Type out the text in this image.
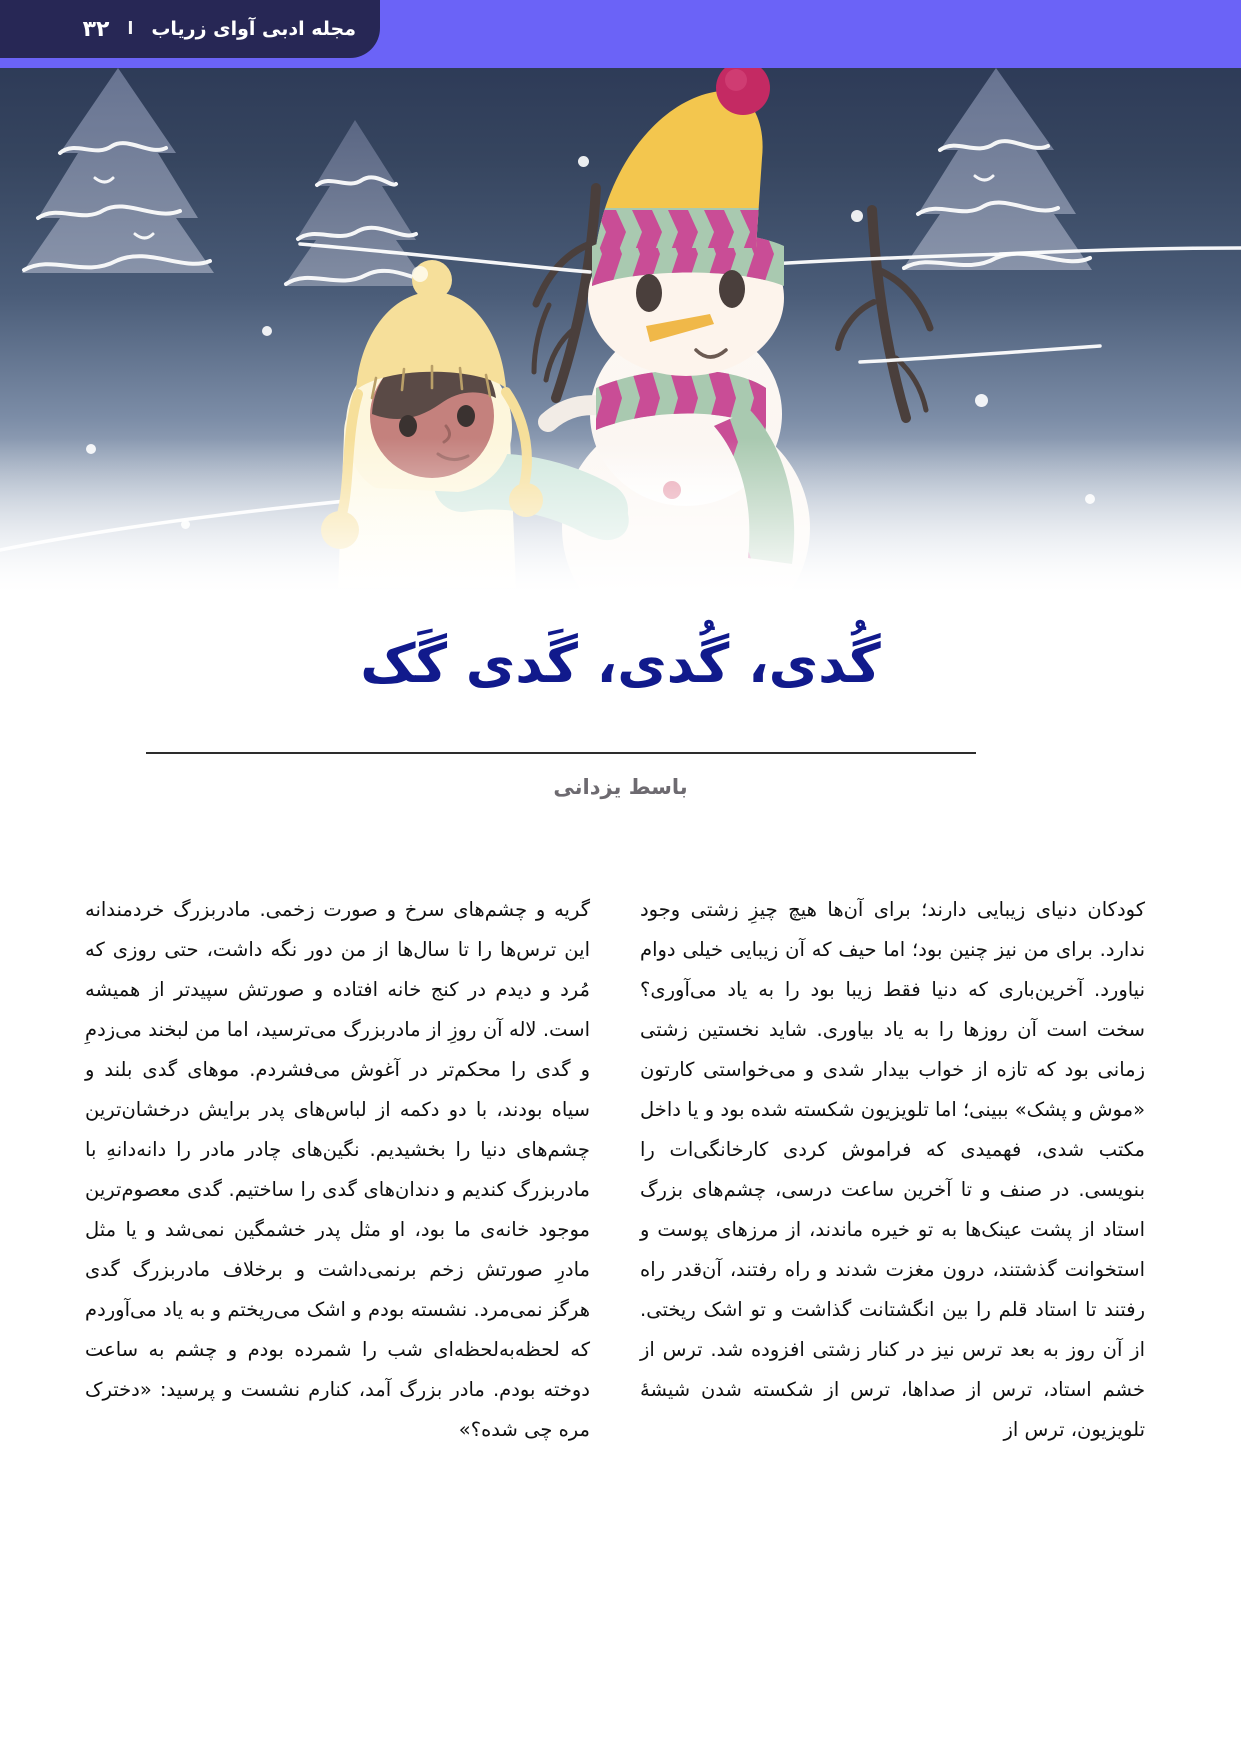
مجله ادبی آوای زریاب
ا
۳۲
گُدی، گُدی، گَدی گَک
باسط یزدانی

کودکان دنیای زیبایی دارند؛ برای آن‌ها هیچ چیزِ زشتی وجود ندارد. برای من نیز چنین بود؛ اما حیف که آن زیبایی خیلی دوام نیاورد. آخرین‌باری که دنیا فقط زیبا بود را به یاد می‌آوری؟ سخت است آن روزها را به یاد بیاوری. شاید نخستین زشتی زمانی بود که تازه از خواب بیدار شدی و می‌خواستی کارتون «موش و پشک» ببینی؛ اما تلویزیون شکسته شده بود و یا داخل مکتب شدی، فهمیدی که فراموش کردی کارخانگی‌ات را بنویسی. در صنف و تا آخرین ساعت درسی، چشم‌های بزرگ استاد از پشت عینک‌ها به تو خیره ماندند، از مرزهای پوست و استخوانت گذشتند، درون مغزت شدند و راه رفتند، آن‌قدر راه رفتند تا استاد قلم را بین انگشتانت گذاشت و تو اشک ریختی. از آن روز به بعد ترس نیز در کنار زشتی افزوده شد. ترس از خشم استاد، ترس از صداها، ترس از شکسته شدن شیشهٔ تلویزیون، ترس از

گریه و چشم‌های سرخ و صورت زخمی. مادربزرگ خردمندانه این ترس‌ها را تا سال‌ها از من دور نگه داشت، حتی روزی که مُرد و دیدم در کنج خانه افتاده و صورتش سپیدتر از همیشه است. لاله آن روزِ از مادربزرگ می‌ترسید، اما من لبخند می‌زدمِ و گدی را محکم‌تر در آغوش می‌فشردم. موهای گدی بلند و سیاه بودند، با دو دکمه از لباس‌های پدر برایش درخشان‌ترین چشم‌های دنیا را بخشیدیم. نگین‌های چادر مادر را دانه‌دانهِ با مادربزرگ کندیم و دندان‌های گدی را ساختیم. گدی معصوم‌ترین موجود خانه‌ی ما بود، او مثل پدر خشمگین نمی‌شد و یا مثل مادرِ صورتش زخم برنمی‌داشت و برخلاف مادربزرگ گدی هرگز نمی‌مرد. نشسته بودم و اشک می‌ریختم و به یاد می‌آوردم که لحظه‌به‌لحظه‌ای شب را شمرده بودم و چشم به ساعت دوخته بودم. مادر بزرگ آمد، کنارم نشست و پرسید: «دخترک مره چی شده؟»
